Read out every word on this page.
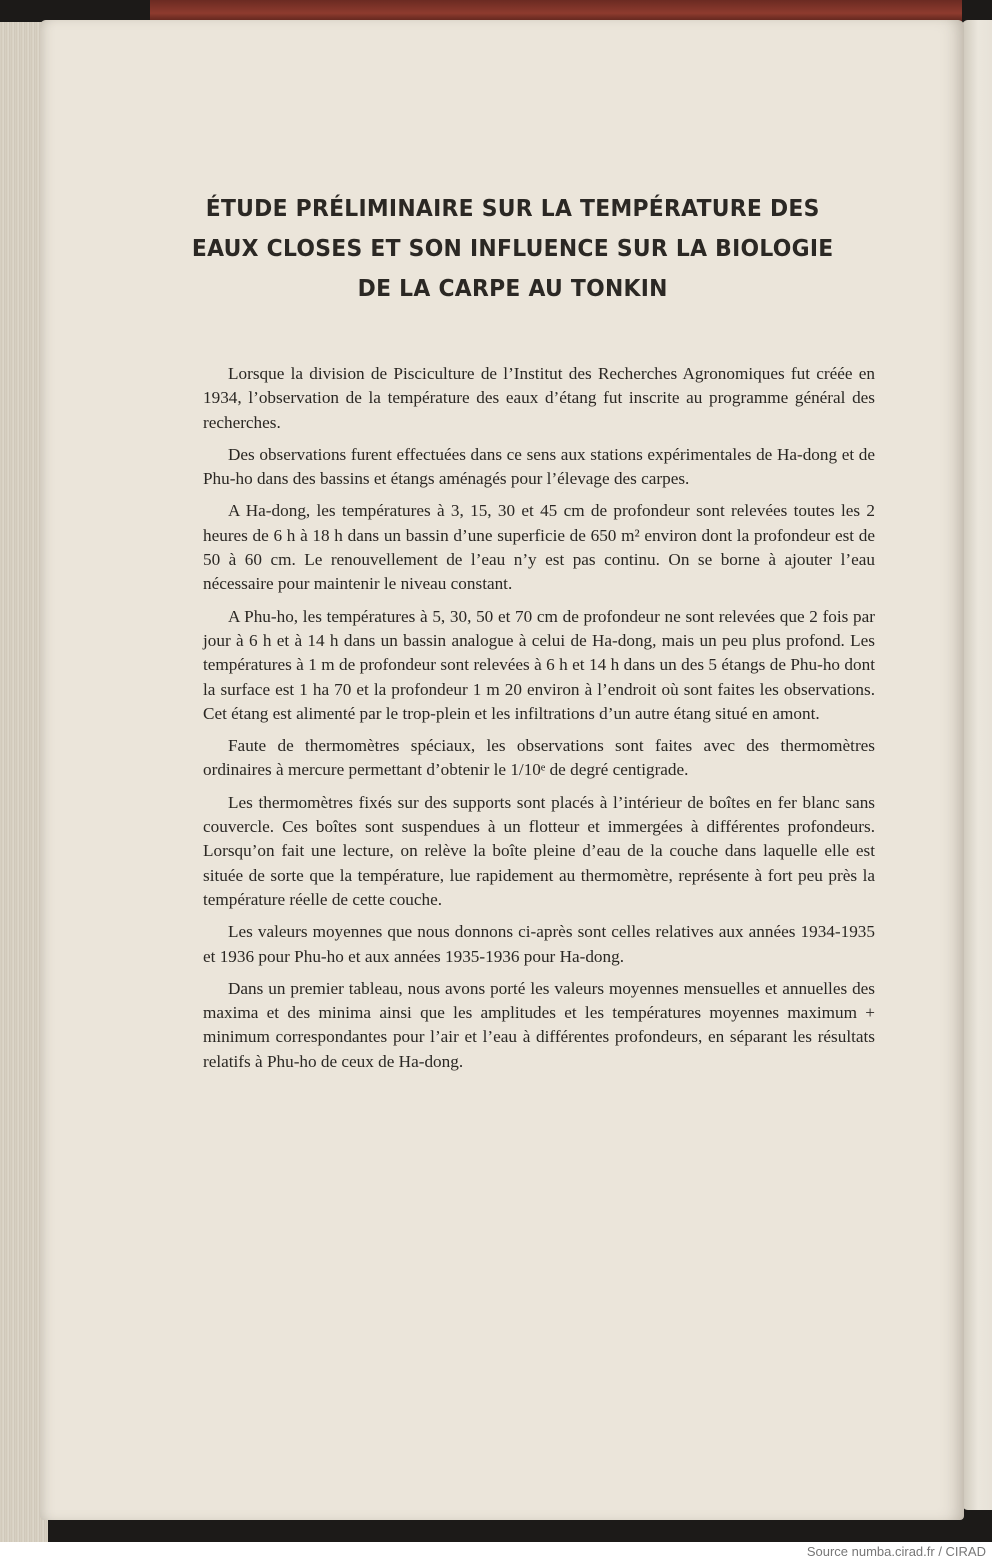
ÉTUDE PRÉLIMINAIRE SUR LA TEMPÉRATURE DES
EAUX CLOSES ET SON INFLUENCE SUR LA BIOLOGIE
DE LA CARPE AU TONKIN

Lorsque la division de Pisciculture de l’Institut des Recherches Agronomiques fut créée en 1934, l’observation de la température des eaux d’étang fut inscrite au programme général des recherches.

Des observations furent effectuées dans ce sens aux stations expérimentales de Ha-dong et de Phu-ho dans des bassins et étangs aménagés pour l’élevage des carpes.

A Ha-dong, les températures à 3, 15, 30 et 45 cm de profondeur sont relevées toutes les 2 heures de 6 h à 18 h dans un bassin d’une superficie de 650 m² environ dont la profondeur est de 50 à 60 cm. Le renouvellement de l’eau n’y est pas continu. On se borne à ajouter l’eau nécessaire pour maintenir le niveau constant.

A Phu-ho, les températures à 5, 30, 50 et 70 cm de profondeur ne sont relevées que 2 fois par jour à 6 h et à 14 h dans un bassin analogue à celui de Ha-dong, mais un peu plus profond. Les températures à 1 m de profondeur sont relevées à 6 h et 14 h dans un des 5 étangs de Phu-ho dont la surface est 1 ha 70 et la profondeur 1 m 20 environ à l’endroit où sont faites les observations. Cet étang est alimenté par le trop-plein et les infiltrations d’un autre étang situé en amont.

Faute de thermomètres spéciaux, les observations sont faites avec des thermomètres ordinaires à mercure permettant d’obtenir le 1/10ᵉ de degré centigrade.

Les thermomètres fixés sur des supports sont placés à l’intérieur de boîtes en fer blanc sans couvercle. Ces boîtes sont suspendues à un flotteur et immergées à différentes profondeurs. Lorsqu’on fait une lecture, on relève la boîte pleine d’eau de la couche dans laquelle elle est située de sorte que la température, lue rapidement au thermomètre, représente à fort peu près la température réelle de cette couche.

Les valeurs moyennes que nous donnons ci-après sont celles relatives aux années 1934-1935 et 1936 pour Phu-ho et aux années 1935-1936 pour Ha-dong.

Dans un premier tableau, nous avons porté les valeurs moyennes mensuelles et annuelles des maxima et des minima ainsi que les amplitudes et les températures moyennes maximum + minimum correspondantes pour l’air et l’eau à différentes profondeurs, en séparant les résultats relatifs à Phu-ho de ceux de Ha-dong.

Source numba.cirad.fr / CIRAD
